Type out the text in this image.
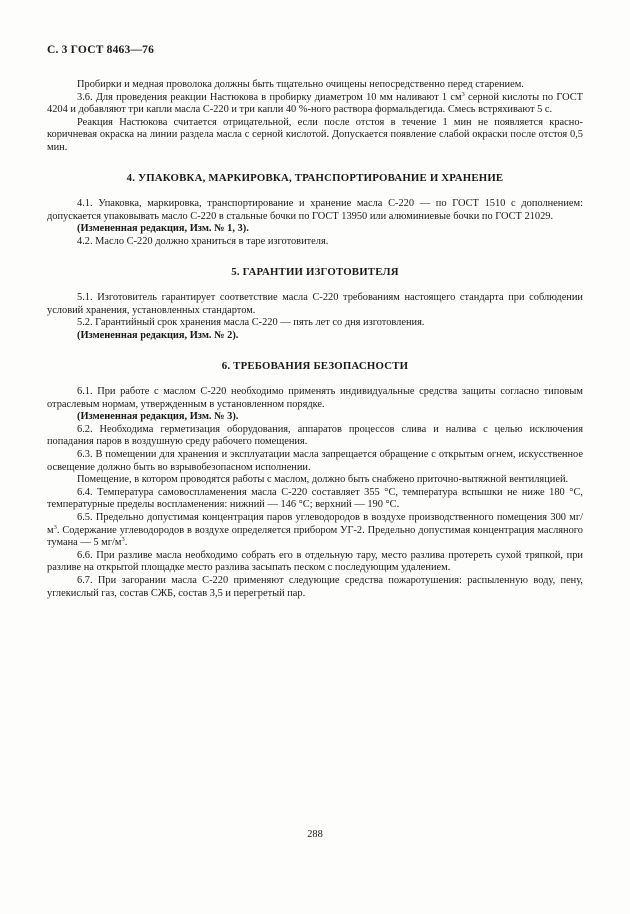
С. 3 ГОСТ 8463—76

Пробирки и медная проволока должны быть тщательно очищены непосредственно перед старением.

3.6. Для проведения реакции Настюкова в пробирку диаметром 10 мм наливают 1 $см^3$ серной кислоты по ГОСТ 4204 и добавляют три капли масла С-220 и три капли 40 %-ного раствора формальдегида. Смесь встряхивают 5 с.

Реакция Настюкова считается отрицательной, если после отстоя в течение 1 мин не появляется красно-коричневая окраска на линии раздела масла с серной кислотой. Допускается появление слабой окраски после отстоя 0,5 мин.

4. УПАКОВКА, МАРКИРОВКА, ТРАНСПОРТИРОВАНИЕ И ХРАНЕНИЕ

4.1. Упаковка, маркировка, транспортирование и хранение масла С-220 — по ГОСТ 1510 с дополнением: допускается упаковывать масло С-220 в стальные бочки по ГОСТ 13950 или алюминиевые бочки по ГОСТ 21029.

(Измененная редакция, Изм. № 1, 3).

4.2. Масло С-220 должно храниться в таре изготовителя.

5. ГАРАНТИИ ИЗГОТОВИТЕЛЯ

5.1. Изготовитель гарантирует соответствие масла С-220 требованиям настоящего стандарта при соблюдении условий хранения, установленных стандартом.

5.2. Гарантийный срок хранения масла С-220 — пять лет со дня изготовления.

(Измененная редакция, Изм. № 2).

6. ТРЕБОВАНИЯ БЕЗОПАСНОСТИ

6.1. При работе с маслом С-220 необходимо применять индивидуальные средства защиты согласно типовым отраслевым нормам, утвержденным в установленном порядке.

(Измененная редакция, Изм. № 3).

6.2. Необходима герметизация оборудования, аппаратов процессов слива и налива с целью исключения попадания паров в воздушную среду рабочего помещения.

6.3. В помещении для хранения и эксплуатации масла запрещается обращение с открытым огнем, искусственное освещение должно быть во взрывобезопасном исполнении.

Помещение, в котором проводятся работы с маслом, должно быть снабжено приточно-вытяжной вентиляцией.

6.4. Температура самовоспламенения масла С-220 составляет 355 °С, температура вспышки не ниже 180 °С, температурные пределы воспламенения: нижний — 146 °С; верхний — 190 °С.

6.5. Предельно допустимая концентрация паров углеводородов в воздухе производственного помещения 300 $мг/м^3$. Содержание углеводородов в воздухе определяется прибором УГ-2. Предельно допустимая концентрация масляного тумана — 5 $мг/м^3$.

6.6. При разливе масла необходимо собрать его в отдельную тару, место разлива протереть сухой тряпкой, при разливе на открытой площадке место разлива засыпать песком с последующим удалением.

6.7. При загорании масла С-220 применяют следующие средства пожаротушения: распыленную воду, пену, углекислый газ, состав СЖБ, состав 3,5 и перегретый пар.

288
